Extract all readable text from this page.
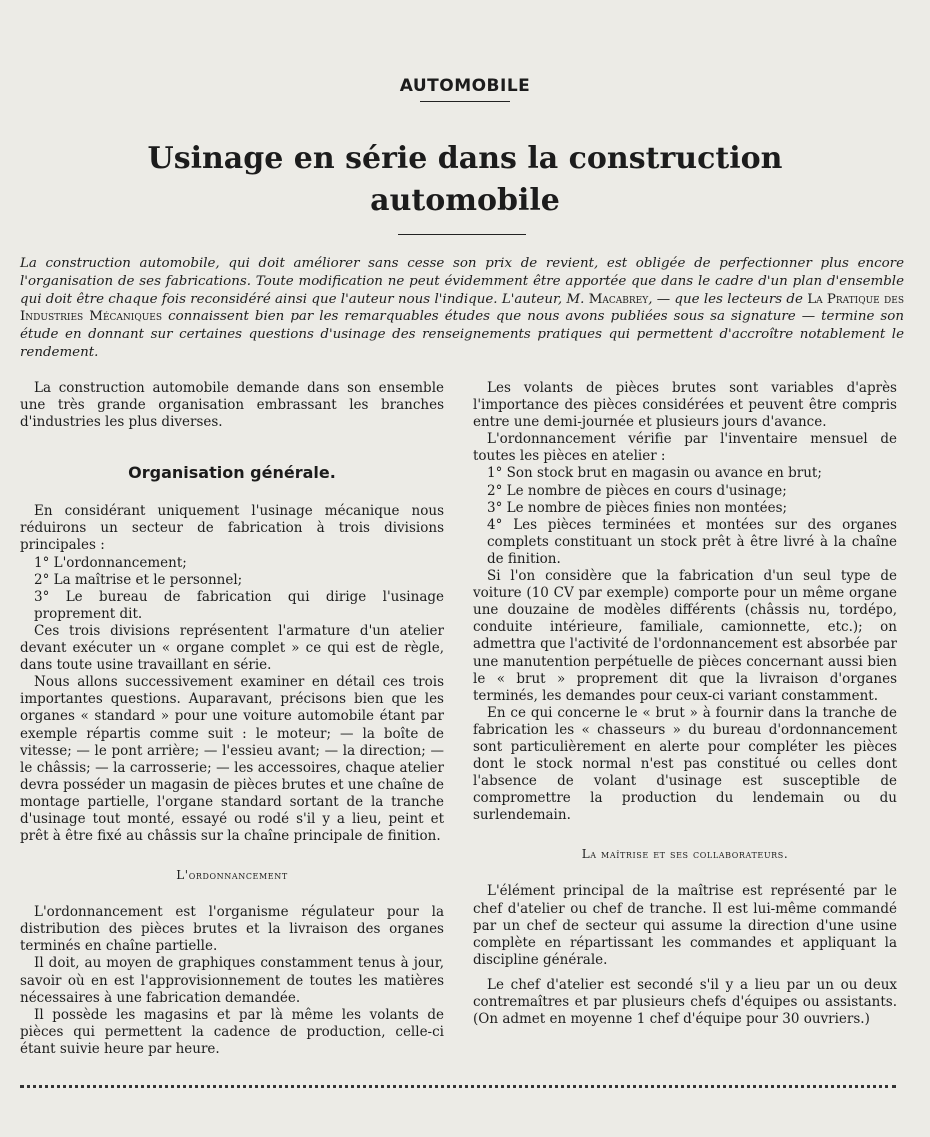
AUTOMOBILE
Usinage en série dans la construction automobile

La construction automobile, qui doit améliorer sans cesse son prix de revient, est obligée de perfectionner plus encore l'organisation de ses fabrications. Toute modification ne peut évidemment être apportée que dans le cadre d'un plan d'ensemble qui doit être chaque fois reconsidéré ainsi que l'auteur nous l'indique. L'auteur, M. Macabrey, — que les lecteurs de La Pratique des Industries Mécaniques connaissent bien par les remarquables études que nous avons publiées sous sa signature — termine son étude en donnant sur certaines questions d'usinage des renseignements pratiques qui permettent d'accroître notablement le rendement.

La construction automobile demande dans son ensemble une très grande organisation embrassant les branches d'industries les plus diverses.

Organisation générale.

En considérant uniquement l'usinage mécanique nous réduirons un secteur de fabrication à trois divisions principales :

1° L'ordonnancement;

2° La maîtrise et le personnel;

3° Le bureau de fabrication qui dirige l'usinage proprement dit.

Ces trois divisions représentent l'armature d'un atelier devant exécuter un « organe complet » ce qui est de règle, dans toute usine travaillant en série.

Nous allons successivement examiner en détail ces trois importantes questions. Auparavant, précisons bien que les organes « standard » pour une voiture automobile étant par exemple répartis comme suit : le moteur; — la boîte de vitesse; — le pont arrière; — l'essieu avant; — la direction; — le châssis; — la carrosserie; — les accessoires, chaque atelier devra posséder un magasin de pièces brutes et une chaîne de montage partielle, l'organe standard sortant de la tranche d'usinage tout monté, essayé ou rodé s'il y a lieu, peint et prêt à être fixé au châssis sur la chaîne principale de finition.

L'ordonnancement

L'ordonnancement est l'organisme régulateur pour la distribution des pièces brutes et la livraison des organes terminés en chaîne partielle.

Il doit, au moyen de graphiques constamment tenus à jour, savoir où en est l'approvisionnement de toutes les matières nécessaires à une fabrication demandée.

Il possède les magasins et par là même les volants de pièces qui permettent la cadence de production, celle-ci étant suivie heure par heure.

Les volants de pièces brutes sont variables d'après l'importance des pièces considérées et peuvent être compris entre une demi-journée et plusieurs jours d'avance.

L'ordonnancement vérifie par l'inventaire mensuel de toutes les pièces en atelier :

1° Son stock brut en magasin ou avance en brut;

2° Le nombre de pièces en cours d'usinage;

3° Le nombre de pièces finies non montées;

4° Les pièces terminées et montées sur des organes complets constituant un stock prêt à être livré à la chaîne de finition.

Si l'on considère que la fabrication d'un seul type de voiture (10 CV par exemple) comporte pour un même organe une douzaine de modèles différents (châssis nu, tordépo, conduite intérieure, familiale, camionnette, etc.); on admettra que l'activité de l'ordonnancement est absorbée par une manutention perpétuelle de pièces concernant aussi bien le « brut » proprement dit que la livraison d'organes terminés, les demandes pour ceux-ci variant constamment.

En ce qui concerne le « brut » à fournir dans la tranche de fabrication les « chasseurs » du bureau d'ordonnancement sont particulièrement en alerte pour compléter les pièces dont le stock normal n'est pas constitué ou celles dont l'absence de volant d'usinage est susceptible de compromettre la production du lendemain ou du surlendemain.

La maîtrise et ses collaborateurs.

L'élément principal de la maîtrise est représenté par le chef d'atelier ou chef de tranche. Il est lui-même commandé par un chef de secteur qui assume la direction d'une usine complète en répartissant les commandes et appliquant la discipline générale.

Le chef d'atelier est secondé s'il y a lieu par un ou deux contremaîtres et par plusieurs chefs d'équipes ou assistants. (On admet en moyenne 1 chef d'équipe pour 30 ouvriers.)
